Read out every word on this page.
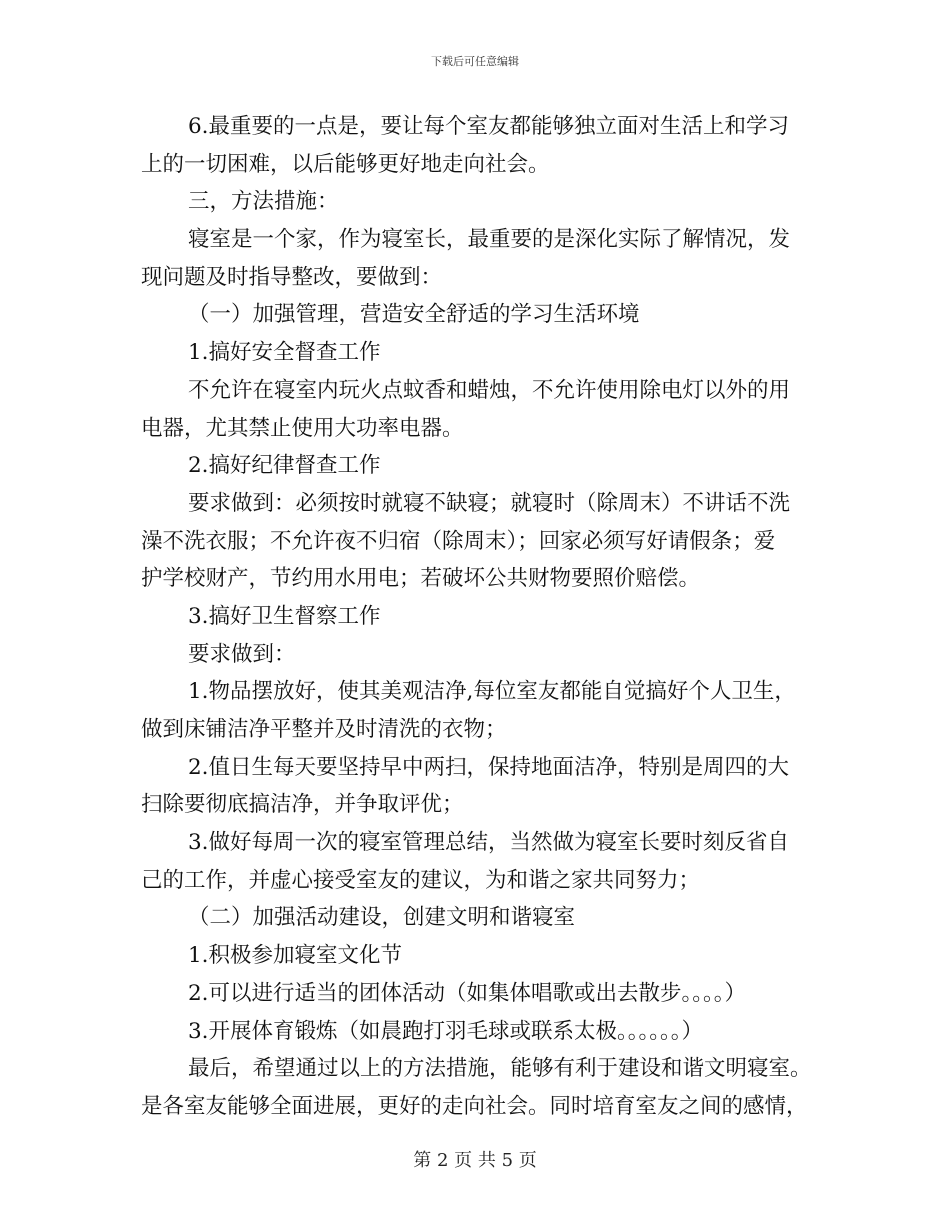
下载后可任意编辑
6.最重要的一点是，要让每个室友都能够独立面对生活上和学习
上的一切困难，以后能够更好地走向社会。
三，方法措施：
寝室是一个家，作为寝室长，最重要的是深化实际了解情况，发
现问题及时指导整改，要做到：
（一）加强管理，营造安全舒适的学习生活环境
1.搞好安全督查工作
不允许在寝室内玩火点蚊香和蜡烛，不允许使用除电灯以外的用
电器，尤其禁止使用大功率电器。
2.搞好纪律督查工作
要求做到：必须按时就寝不缺寝；就寝时（除周末）不讲话不洗
澡不洗衣服；不允许夜不归宿（除周末）；回家必须写好请假条；爱
护学校财产，节约用水用电；若破坏公共财物要照价赔偿。
3.搞好卫生督察工作
要求做到：
1.物品摆放好，使其美观洁净,每位室友都能自觉搞好个人卫生，
做到床铺洁净平整并及时清洗的衣物；
2.值日生每天要坚持早中两扫，保持地面洁净，特别是周四的大
扫除要彻底搞洁净，并争取评优；
3.做好每周一次的寝室管理总结，当然做为寝室长要时刻反省自
己的工作，并虚心接受室友的建议，为和谐之家共同努力；
（二）加强活动建设，创建文明和谐寝室
1.积极参加寝室文化节
2.可以进行适当的团体活动（如集体唱歌或出去散步。。。。）
3.开展体育锻炼（如晨跑打羽毛球或联系太极。。。。。。）
最后，希望通过以上的方法措施，能够有利于建设和谐文明寝室。
是各室友能够全面进展，更好的走向社会。同时培育室友之间的感情，
第 2 页 共 5 页
